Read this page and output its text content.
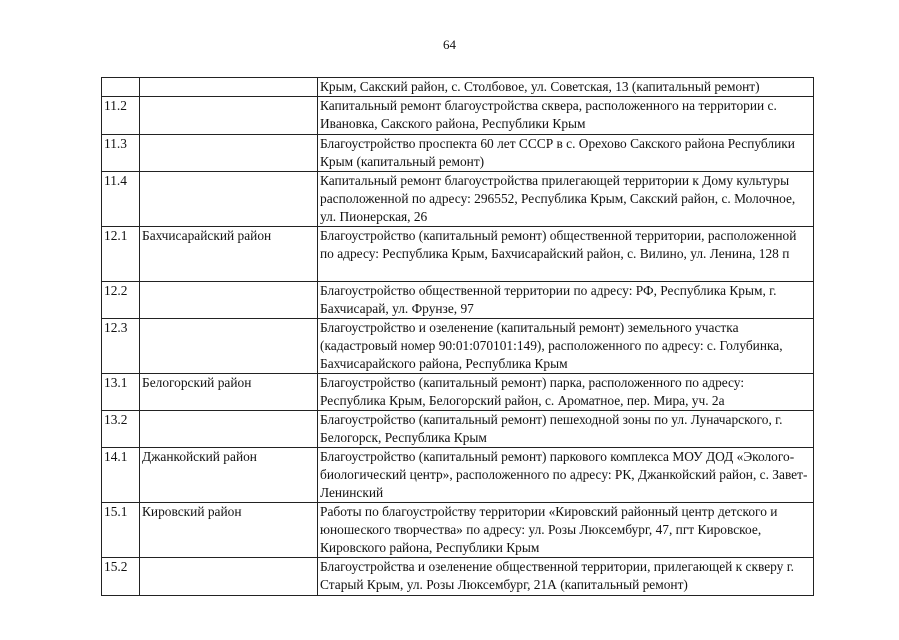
64
		Крым, Сакский район, с. Столбовое, ул. Советская, 13 (капитальный ремонт)
11.2		Капитальный ремонт благоустройства сквера, расположенного на территории с. Ивановка, Сакского района, Республики Крым
11.3		Благоустройство проспекта 60 лет СССР в с. Орехово Сакского района Республики Крым (капитальный ремонт)
11.4		Капитальный ремонт благоустройства прилегающей территории к Дому культуры расположенной по адресу: 296552, Республика Крым, Сакский район, с. Молочное, ул. Пионерская, 26
12.1	Бахчисарайский район	Благоустройство (капитальный ремонт) общественной территории, расположенной по адресу: Республика Крым, Бахчисарайский район, с. Вилино, ул. Ленина, 128 п
12.2		Благоустройство общественной территории по адресу: РФ, Республика Крым, г. Бахчисарай, ул. Фрунзе, 97
12.3		Благоустройство и озеленение (капитальный ремонт) земельного участка (кадастровый номер 90:01:070101:149), расположенного по адресу: с. Голубинка, Бахчисарайского района, Республика Крым
13.1	Белогорский район	Благоустройство (капитальный ремонт) парка, расположенного по адресу: Республика Крым, Белогорский район, с. Ароматное, пер. Мира, уч. 2а
13.2		Благоустройство (капитальный ремонт) пешеходной зоны по ул. Луначарского, г. Белогорск, Республика Крым
14.1	Джанкойский район	Благоустройство (капитальный ремонт) паркового комплекса МОУ ДОД «Эколого-биологический центр», расположенного по адресу: РК, Джанкойский район, с. Завет-Ленинский
15.1	Кировский район	Работы по благоустройству территории «Кировский районный центр детского и юношеского творчества» по адресу: ул. Розы Люксембург, 47, пгт Кировское, Кировского района, Республики Крым
15.2		Благоустройства и озеленение общественной территории, прилегающей к скверу г. Старый Крым, ул. Розы Люксембург, 21А (капитальный ремонт)
